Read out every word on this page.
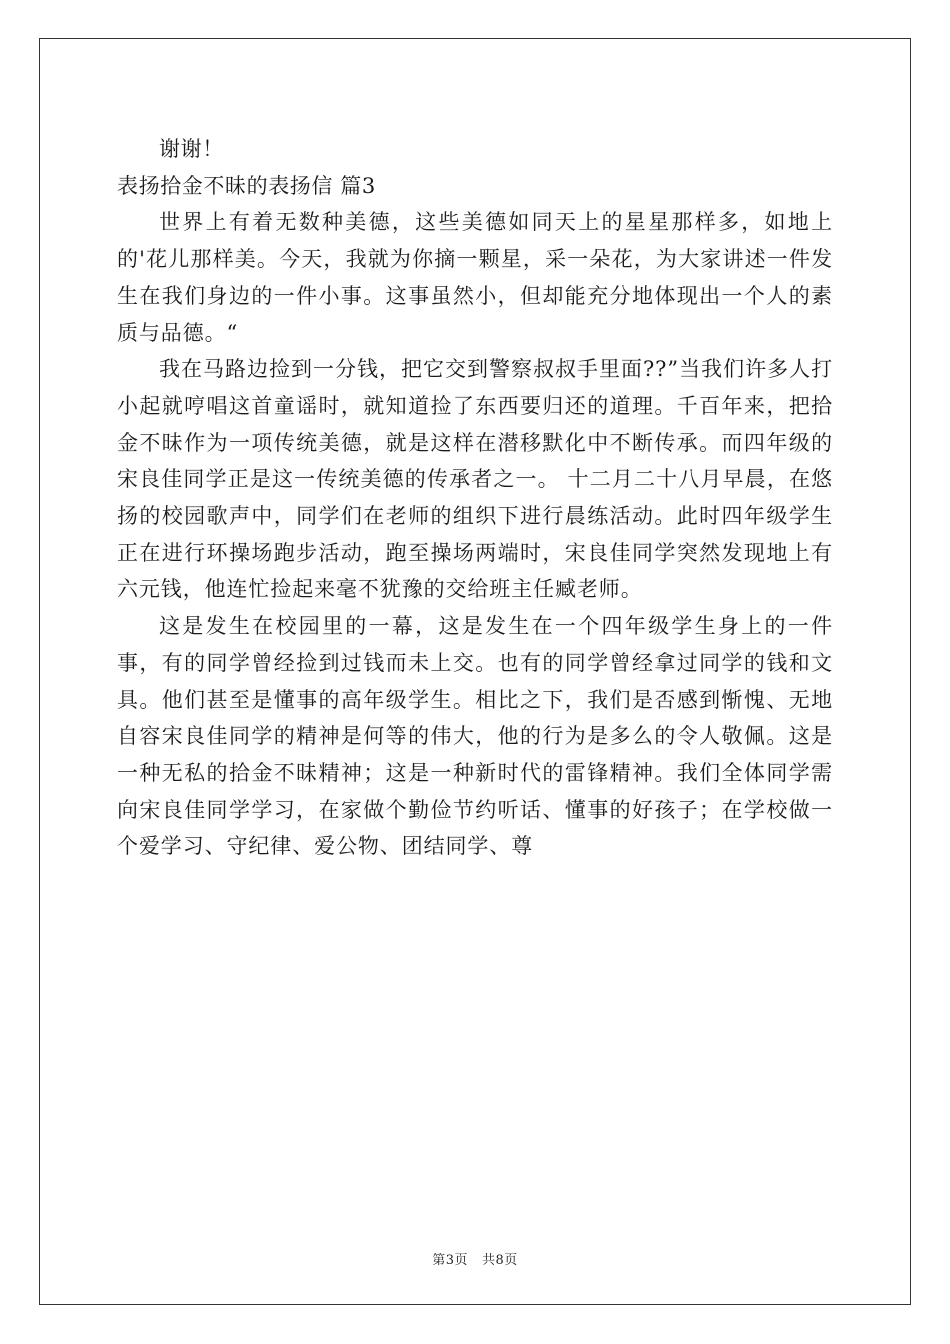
谢谢！
表扬拾金不昧的表扬信 篇3

世界上有着无数种美德，这些美德如同天上的星星那样多，如地上的'花儿那样美。今天，我就为你摘一颗星，采一朵花，为大家讲述一件发生在我们身边的一件小事。这事虽然小，但却能充分地体现出一个人的素质与品德。“

我在马路边捡到一分钱，把它交到警察叔叔手里面??”当我们许多人打小起就哼唱这首童谣时，就知道捡了东西要归还的道理。千百年来，把拾金不昧作为一项传统美德，就是这样在潜移默化中不断传承。而四年级的宋良佳同学正是这一传统美德的传承者之一。 十二月二十八月早晨，在悠扬的校园歌声中，同学们在老师的组织下进行晨练活动。此时四年级学生正在进行环操场跑步活动，跑至操场两端时，宋良佳同学突然发现地上有六元钱，他连忙捡起来毫不犹豫的交给班主任臧老师。

这是发生在校园里的一幕，这是发生在一个四年级学生身上的一件事，有的同学曾经捡到过钱而未上交。也有的同学曾经拿过同学的钱和文具。他们甚至是懂事的高年级学生。相比之下，我们是否感到惭愧、无地自容宋良佳同学的精神是何等的伟大，他的行为是多么的令人敬佩。这是一种无私的拾金不昧精神；这是一种新时代的雷锋精神。我们全体同学需向宋良佳同学学习，在家做个勤俭节约听话、懂事的好孩子；在学校做一个爱学习、守纪律、爱公物、团结同学、尊

第3页 共8页
